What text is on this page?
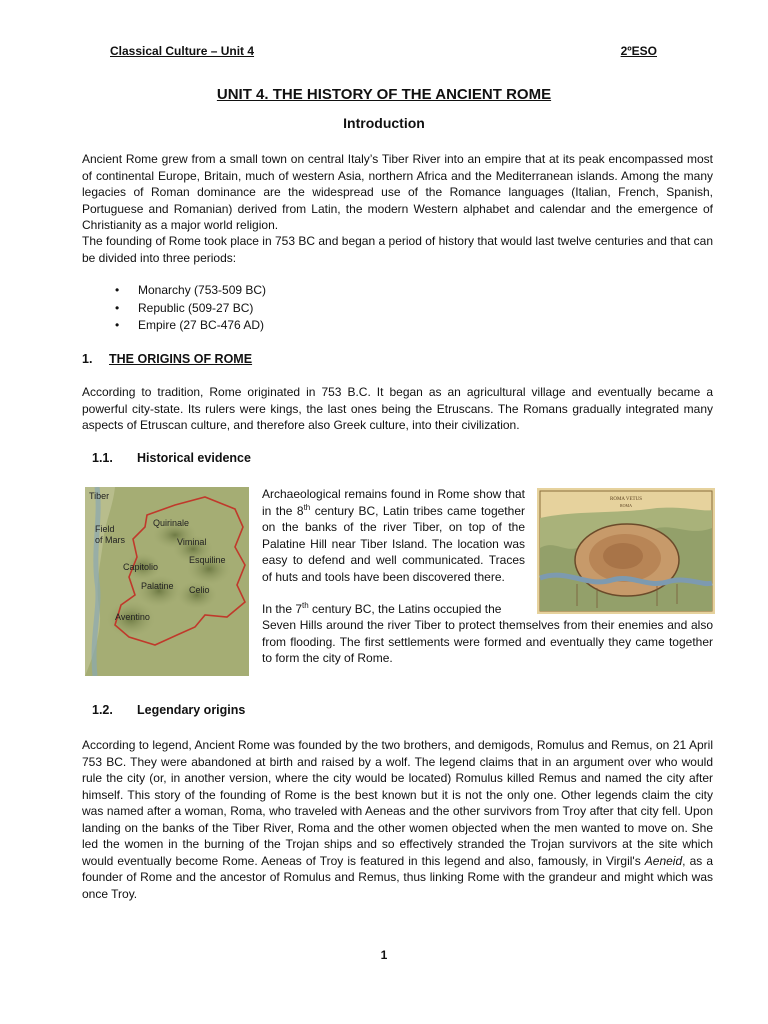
Classical Culture – Unit 4	2ºESO
UNIT 4. THE HISTORY OF THE ANCIENT ROME
Introduction

Ancient Rome grew from a small town on central Italy’s Tiber River into an empire that at its peak encompassed most of continental Europe, Britain, much of western Asia, northern Africa and the Mediterranean islands. Among the many legacies of Roman dominance are the widespread use of the Romance languages (Italian, French, Spanish, Portuguese and Romanian) derived from Latin, the modern Western alphabet and calendar and the emergence of Christianity as a major world religion.

The founding of Rome took place in 753 BC and began a period of history that would last twelve centuries and that can be divided into three periods:

• Monarchy (753-509 BC)
• Republic (509-27 BC)
• Empire (27 BC-476 AD)
1. THE ORIGINS OF ROME

According to tradition, Rome originated in 753 B.C. It began as an agricultural village and eventually became a powerful city-state. Its rulers were kings, the last ones being the Etruscans. The Romans gradually integrated many aspects of Etruscan culture, and therefore also Greek culture, into their civilization.

1.1. Historical evidence
Tiber
Field
of Mars
Quirinale
Viminal
Esquiline
Capitolio
Palatine Celio
Aventino

Archaeological remains found in Rome show that in the 8th century BC, Latin tribes came together on the banks of the river Tiber, on top of the Palatine Hill near Tiber Island. The location was easy to defend and well communicated. Traces of huts and tools have been discovered there.

In the 7th century BC, the Latins occupied the

Seven Hills around the river Tiber to protect themselves from their enemies and also from flooding. The first settlements were formed and eventually they came together to form the city of Rome.

ROMA VETUS
ROMA
1.2. Legendary origins

According to legend, Ancient Rome was founded by the two brothers, and demigods, Romulus and Remus, on 21 April 753 BC. They were abandoned at birth and raised by a wolf. The legend claims that in an argument over who would rule the city (or, in another version, where the city would be located) Romulus killed Remus and named the city after himself. This story of the founding of Rome is the best known but it is not the only one. Other legends claim the city was named after a woman, Roma, who traveled with Aeneas and the other survivors from Troy after that city fell. Upon landing on the banks of the Tiber River, Roma and the other women objected when the men wanted to move on. She led the women in the burning of the Trojan ships and so effectively stranded the Trojan survivors at the site which would eventually become Rome. Aeneas of Troy is featured in this legend and also, famously, in Virgil's Aeneid, as a founder of Rome and the ancestor of Romulus and Remus, thus linking Rome with the grandeur and might which was once Troy.

1
